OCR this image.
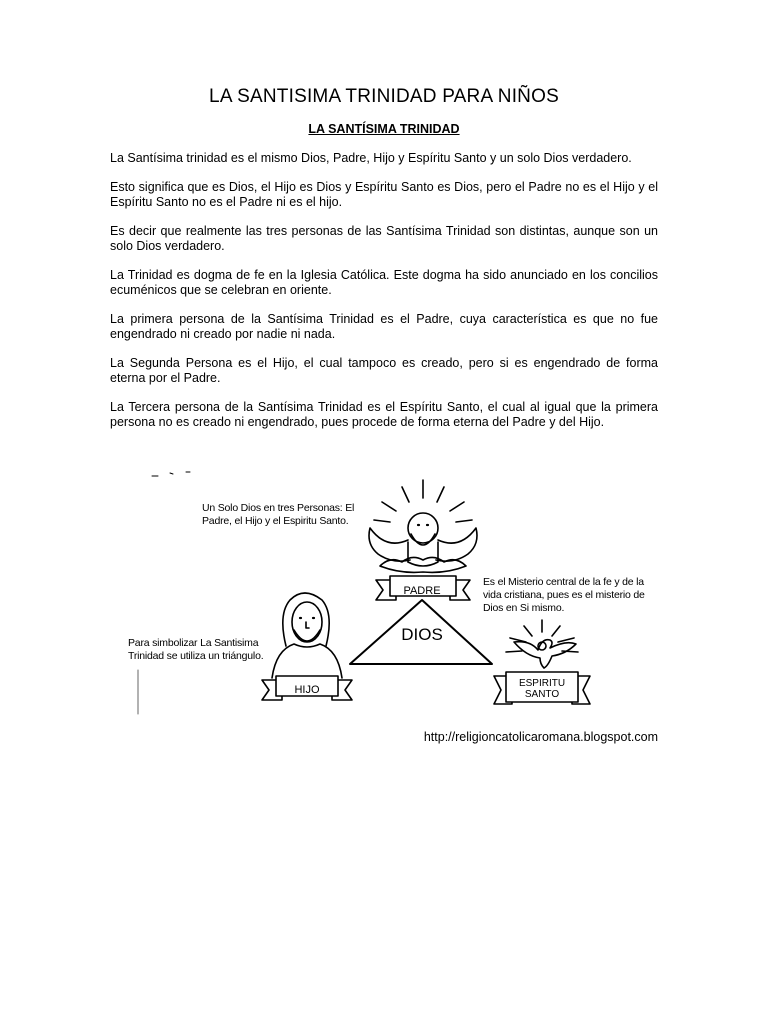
LA SANTISIMA TRINIDAD PARA NIÑOS
LA SANTÍSIMA TRINIDAD

La Santísima trinidad es el mismo Dios, Padre, Hijo y Espíritu Santo y un solo Dios verdadero.

Esto significa que es Dios, el Hijo es Dios y Espíritu Santo es Dios, pero el Padre no es el Hijo y el Espíritu Santo no es el Padre ni es el hijo.

Es decir que realmente las tres personas de las Santísima Trinidad son distintas, aunque son un solo Dios verdadero.

La Trinidad es dogma de fe en la Iglesia Católica. Este dogma ha sido anunciado en los concilios ecuménicos que se celebran en oriente.

La primera persona de la Santísima Trinidad es el Padre, cuya característica es que no fue engendrado ni creado por nadie ni nada.

La Segunda Persona es el Hijo, el cual tampoco es creado, pero si es engendrado de forma eterna por el Padre.

La Tercera persona de la Santísima Trinidad es el Espíritu Santo, el cual al igual que la primera persona no es creado ni engendrado, pues procede de forma eterna del Padre y del Hijo.

Un Solo Dios en tres Personas: El Padre, el Hijo y el Espiritu Santo.
Es el Misterio central de la fe y de la vida cristiana, pues es el misterio de Dios en Si mismo.
Para simbolizar La Santisima Trinidad se utiliza un triángulo.
PADRE
DIOS
HIJO
ESPIRITU SANTO
http://religioncatolicaromana.blogspot.com
